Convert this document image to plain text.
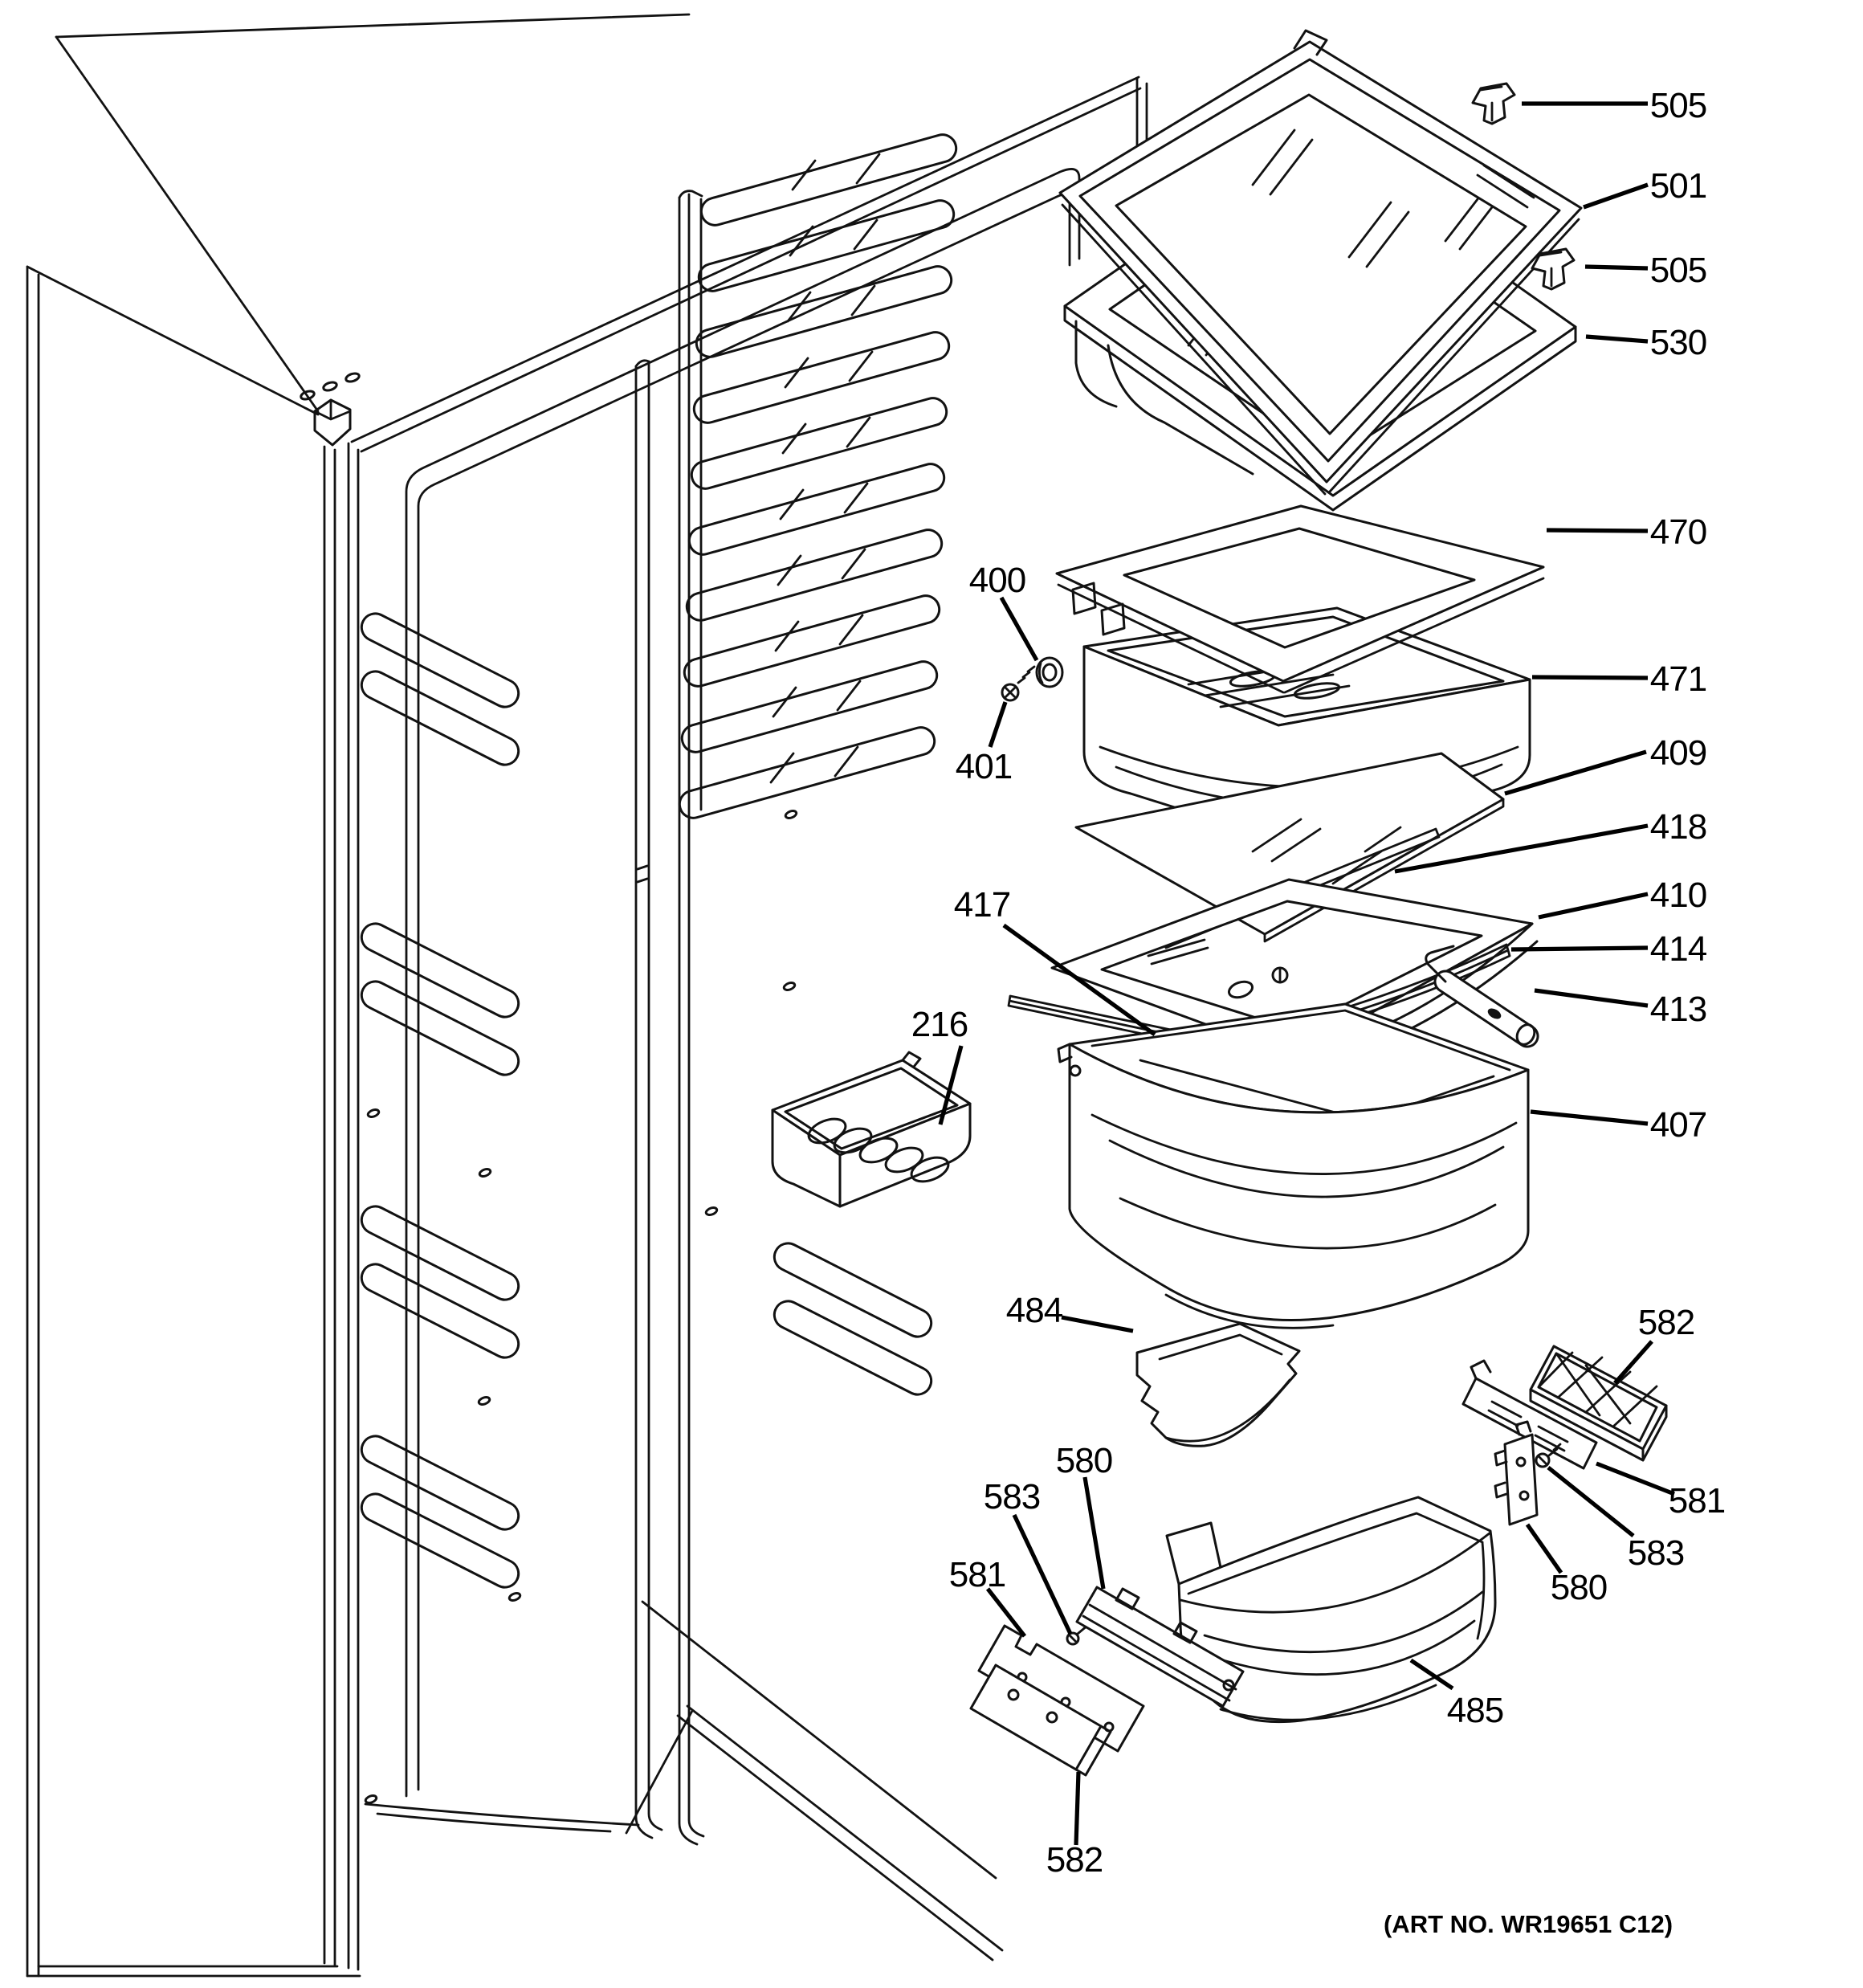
505
501
505
530
470
471
409
418
410
414
413
407
400
401
417
216
484	582
581
583
580
485
580
583
581
582
(ART NO. WR19651 C12)
